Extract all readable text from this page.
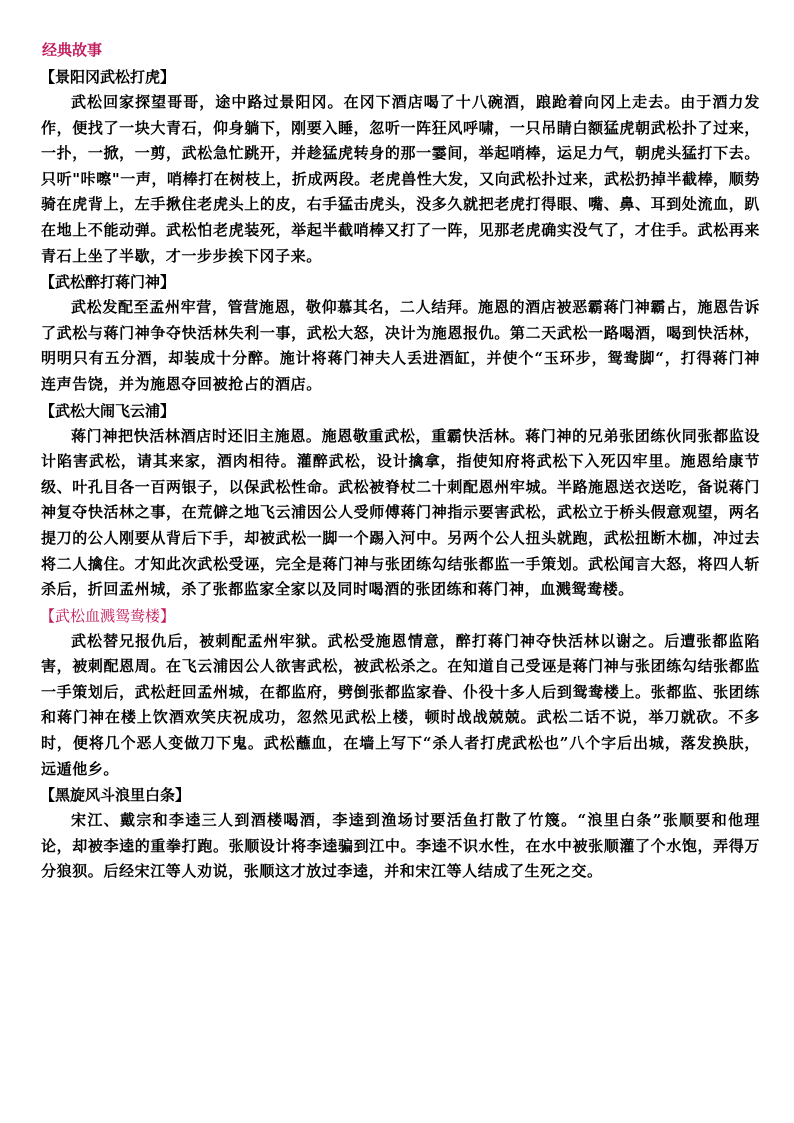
经典故事
【景阳冈武松打虎】

武松回家探望哥哥，途中路过景阳冈。在冈下酒店喝了十八碗酒，踉跄着向冈上走去。由于酒力发作，便找了一块大青石，仰身躺下，刚要入睡，忽听一阵狂风呼啸，一只吊睛白额猛虎朝武松扑了过来，一扑，一掀，一剪，武松急忙跳开，并趁猛虎转身的那一霎间，举起哨棒，运足力气，朝虎头猛打下去。只听"咔嚓"一声，哨棒打在树枝上，折成两段。老虎兽性大发，又向武松扑过来，武松扔掉半截棒，顺势骑在虎背上，左手揪住老虎头上的皮，右手猛击虎头，没多久就把老虎打得眼、嘴、鼻、耳到处流血，趴在地上不能动弹。武松怕老虎装死，举起半截哨棒又打了一阵，见那老虎确实没气了，才住手。武松再来青石上坐了半歇，才一步步挨下冈子来。

【武松醉打蒋门神】

武松发配至孟州牢营，管营施恩，敬仰慕其名，二人结拜。施恩的酒店被恶霸蒋门神霸占，施恩告诉了武松与蒋门神争夺快活林失利一事，武松大怒，决计为施恩报仇。第二天武松一路喝酒，喝到快活林，明明只有五分酒，却装成十分醉。施计将蒋门神夫人丢进酒缸，并使个“玉环步，鸳鸯脚“，打得蒋门神连声告饶，并为施恩夺回被抢占的酒店。

【武松大闹飞云浦】

蒋门神把快活林酒店时还旧主施恩。施恩敬重武松，重霸快活林。蒋门神的兄弟张团练伙同张都监设计陷害武松，请其来家，酒肉相待。灌醉武松，设计擒拿，指使知府将武松下入死囚牢里。施恩给康节级、叶孔目各一百两银子，以保武松性命。武松被脊杖二十刺配恩州牢城。半路施恩送衣送吃，备说蒋门神复夺快活林之事，在荒僻之地飞云浦因公人受师傅蒋门神指示要害武松，武松立于桥头假意观望，两名提刀的公人刚要从背后下手，却被武松一脚一个踢入河中。另两个公人扭头就跑，武松扭断木枷，冲过去将二人擒住。才知此次武松受诬，完全是蒋门神与张团练勾结张都监一手策划。武松闻言大怒，将四人斩杀后，折回孟州城，杀了张都监家全家以及同时喝酒的张团练和蒋门神，血溅鸳鸯楼。

【武松血溅鸳鸯楼】

武松替兄报仇后，被刺配孟州牢狱。武松受施恩情意，醉打蒋门神夺快活林以谢之。后遭张都监陷害，被刺配恩周。在飞云浦因公人欲害武松，被武松杀之。在知道自己受诬是蒋门神与张团练勾结张都监一手策划后，武松赶回孟州城，在都监府，劈倒张都监家眷、仆役十多人后到鸳鸯楼上。张都监、张团练和蒋门神在楼上饮酒欢笑庆祝成功，忽然见武松上楼，顿时战战兢兢。武松二话不说，举刀就砍。不多时，便将几个恶人变做刀下鬼。武松蘸血，在墙上写下“杀人者打虎武松也”八个字后出城，落发换肤，远遁他乡。

【黑旋风斗浪里白条】

宋江、戴宗和李逵三人到酒楼喝酒，李逵到渔场讨要活鱼打散了竹篾。“浪里白条”张顺要和他理论，却被李逵的重拳打跑。张顺设计将李逵骗到江中。李逵不识水性，在水中被张顺灌了个水饱，弄得万分狼狈。后经宋江等人劝说，张顺这才放过李逵，并和宋江等人结成了生死之交。
